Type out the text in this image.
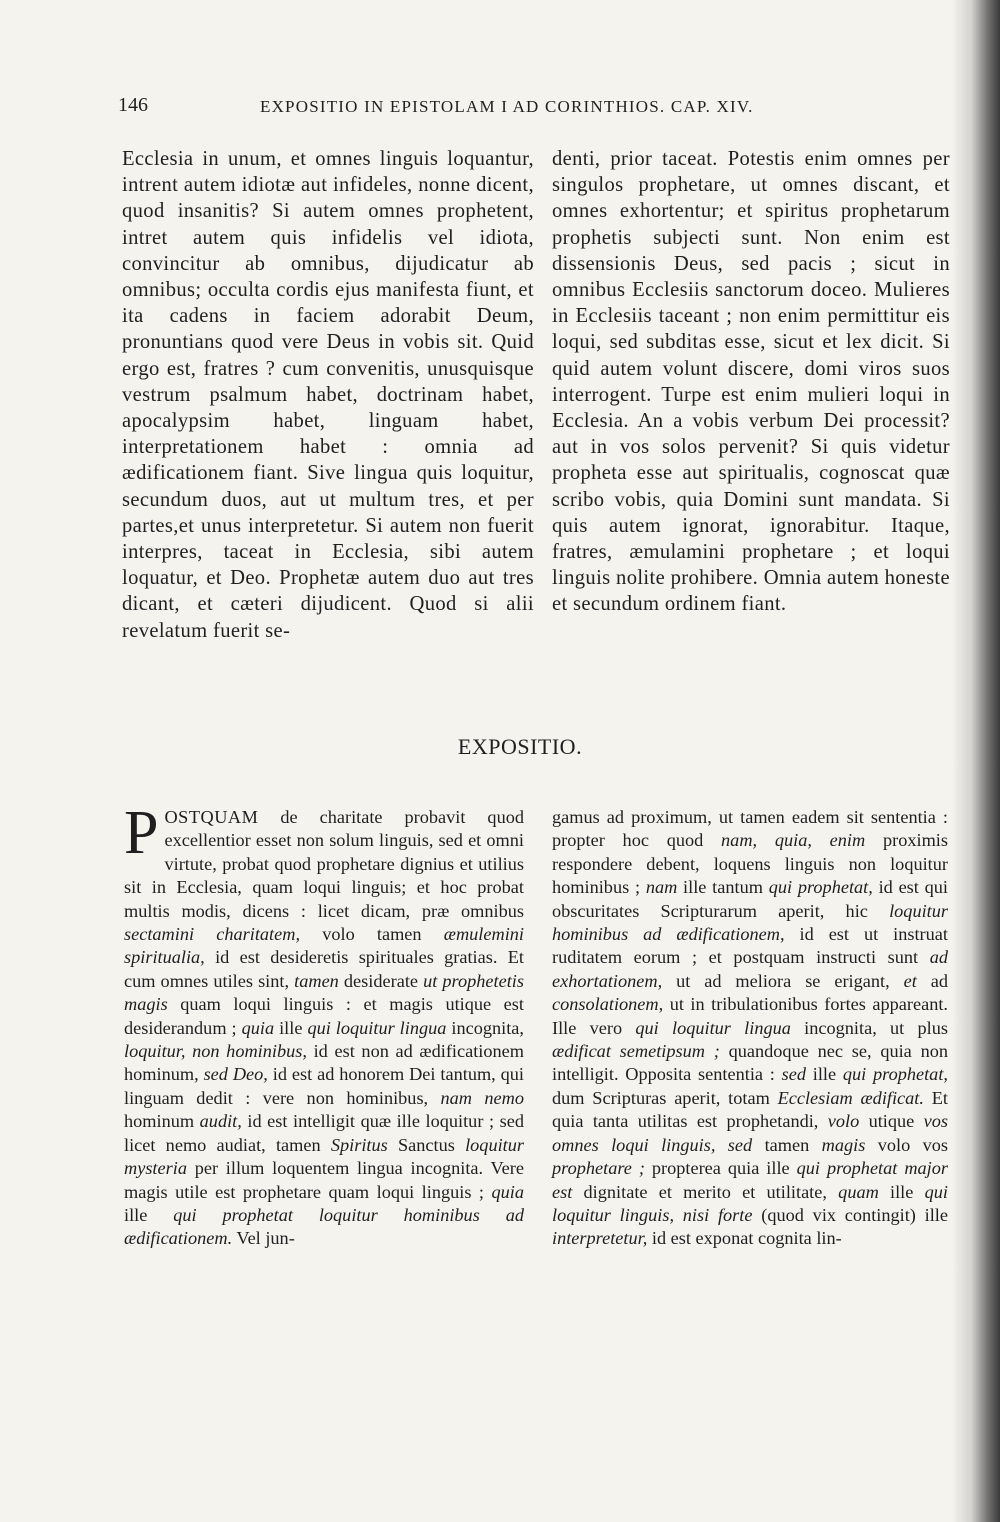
146	EXPOSITIO IN EPISTOLAM I AD CORINTHIOS. CAP. XIV.

Ecclesia in unum, et omnes linguis loquantur, intrent autem idiotæ aut infideles, nonne dicent, quod insanitis? Si autem omnes prophetent, intret autem quis infidelis vel idiota, convincitur ab omnibus, dijudicatur ab omnibus; occulta cordis ejus manifesta fiunt, et ita cadens in faciem adorabit Deum, pronuntians quod vere Deus in vobis sit. Quid ergo est, fratres ? cum convenitis, unusquisque vestrum psalmum habet, doctrinam habet, apocalypsim habet, linguam habet, interpretationem habet : omnia ad ædificationem fiant. Sive lingua quis loquitur, secundum duos, aut ut multum tres, et per partes,et unus interpretetur. Si autem non fuerit interpres, taceat in Ecclesia, sibi autem loquatur, et Deo. Prophetæ autem duo aut tres dicant, et cæteri dijudicent. Quod si alii revelatum fuerit se-

denti, prior taceat. Potestis enim omnes per singulos prophetare, ut omnes discant, et omnes exhortentur; et spiritus prophetarum prophetis subjecti sunt. Non enim est dissensionis Deus, sed pacis ; sicut in omnibus Ecclesiis sanctorum doceo. Mulieres in Ecclesiis taceant ; non enim permittitur eis loqui, sed subditas esse, sicut et lex dicit. Si quid autem volunt discere, domi viros suos interrogent. Turpe est enim mulieri loqui in Ecclesia. An a vobis verbum Dei processit? aut in vos solos pervenit? Si quis videtur propheta esse aut spiritualis, cognoscat quæ scribo vobis, quia Domini sunt mandata. Si quis autem ignorat, ignorabitur. Itaque, fratres, æmulamini prophetare ; et loqui linguis nolite prohibere. Omnia autem honeste et secundum ordinem fiant.

EXPOSITIO.

POSTQUAM de charitate probavit quod excellentior esset non solum linguis, sed et omni virtute, probat quod prophetare dignius et utilius sit in Ecclesia, quam loqui linguis; et hoc probat multis modis, dicens : licet dicam, præ omnibus sectamini charitatem, volo tamen æmulemini spiritualia, id est desideretis spirituales gratias. Et cum omnes utiles sint, tamen desiderate ut prophetetis magis quam loqui linguis : et magis utique est desiderandum ; quia ille qui loquitur lingua incognita, loquitur, non hominibus, id est non ad ædificationem hominum, sed Deo, id est ad honorem Dei tantum, qui linguam dedit : vere non hominibus, nam nemo hominum audit, id est intelligit quæ ille loquitur ; sed licet nemo audiat, tamen Spiritus Sanctus loquitur mysteria per illum loquentem lingua incognita. Vere magis utile est prophetare quam loqui linguis ; quia ille qui prophetat loquitur hominibus ad ædificationem. Vel jun-

gamus ad proximum, ut tamen eadem sit sententia : propter hoc quod nam, quia, enim proximis respondere debent, loquens linguis non loquitur hominibus ; nam ille tantum qui prophetat, id est qui obscuritates Scripturarum aperit, hic loquitur hominibus ad ædificationem, id est ut instruat ruditatem eorum ; et postquam instructi sunt ad exhortationem, ut ad meliora se erigant, et ad consolationem, ut in tribulationibus fortes appareant. Ille vero qui loquitur lingua incognita, ut plus ædificat semetipsum ; quandoque nec se, quia non intelligit. Opposita sententia : sed ille qui prophetat, dum Scripturas aperit, totam Ecclesiam ædificat. Et quia tanta utilitas est prophetandi, volo utique vos omnes loqui linguis, sed tamen magis volo vos prophetare ; propterea quia ille qui prophetat major est dignitate et merito et utilitate, quam ille qui loquitur linguis, nisi forte (quod vix contingit) ille interpretetur, id est exponat cognita lin-
